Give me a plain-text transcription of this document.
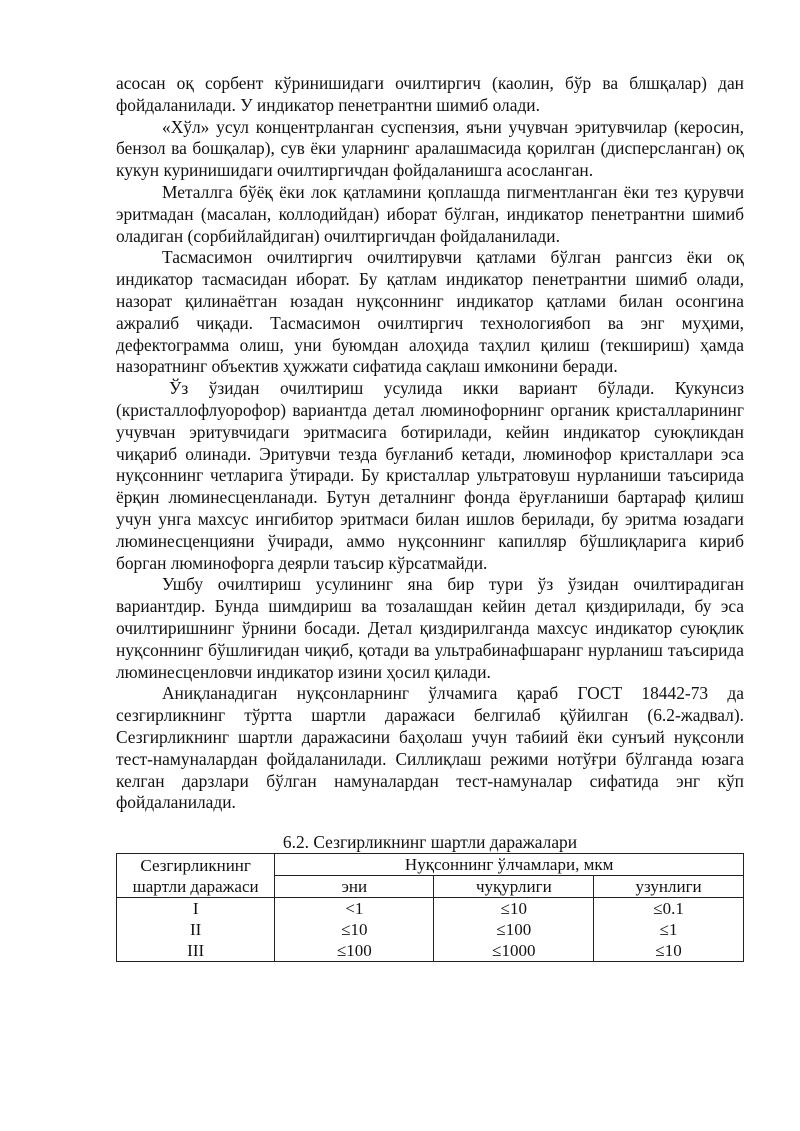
асосан оқ сорбент кўринишидаги очилтиргич (каолин, бўр ва блшқалар) дан фойдаланилади. У индикатор пенетрантни шимиб олади.

«Хўл» усул концентрланган суспензия, яъни учувчан эритувчилар (керосин, бензол ва бошқалар), сув ёки уларнинг аралашмасида қорилган (дисперсланган) оқ кукун куринишидаги очилтиргичдан фойдаланишга асосланган.

Металлга бўёқ ёки лок қатламини қоплашда пигментланган ёки тез қурувчи эритмадан (масалан, коллодийдан) иборат бўлган, индикатор пенетрантни шимиб оладиган (сорбийлайдиган) очилтиргичдан фойдаланилади.

Тасмасимон очилтиргич очилтирувчи қатлами бўлган рангсиз ёки оқ индикатор тасмасидан иборат. Бу қатлам индикатор пенетрантни шимиб олади, назорат қилинаётган юзадан нуқсоннинг индикатор қатлами билан осонгина ажралиб чиқади. Тасмасимон очилтиргич технологиябоп ва энг муҳими, дефектограмма олиш, уни буюмдан алоҳида таҳлил қилиш (текшириш) ҳамда назоратнинг объектив ҳужжати сифатида сақлаш имконини беради.

Ўз ўзидан очилтириш усулида икки вариант бўлади. Кукунсиз (кристаллофлуорофор) вариантда детал люминофорнинг органик кристалларининг учувчан эритувчидаги эритмасига ботирилади, кейин индикатор суюқликдан чиқариб олинади. Эритувчи тезда буғланиб кетади, люминофор кристаллари эса нуқсоннинг четларига ўтиради. Бу кристаллар ультратовуш нурланиши таъсирида ёрқин люминесценланади. Бутун деталнинг фонда ёруғланиши бартараф қилиш учун унга махсус ингибитор эритмаси билан ишлов берилади, бу эритма юзадаги люминесценцияни ўчиради, аммо нуқсоннинг капилляр бўшлиқларига кириб борган люминофорга деярли таъсир кўрсатмайди.

Ушбу очилтириш усулининг яна бир тури ўз ўзидан очилтирадиган вариантдир. Бунда шимдириш ва тозалашдан кейин детал қиздирилади, бу эса очилтиришнинг ўрнини босади. Детал қиздирилганда махсус индикатор суюқлик нуқсоннинг бўшлиғидан чиқиб, қотади ва ультрабинафшаранг нурланиш таъсирида люминесценловчи индикатор изини ҳосил қилади.

Аниқланадиган нуқсонларнинг ўлчамига қараб ГОСТ 18442-73 да сезгирликнинг тўртта шартли даражаси белгилаб қўйилган (6.2-жадвал). Сезгирликнинг шартли даражасини баҳолаш учун табиий ёки сунъий нуқсонли тест-намуналардан фойдаланилади. Силлиқлаш режими нотўғри бўлганда юзага келган дарзлари бўлган намуналардан тест-намуналар сифатида энг кўп фойдаланилади.

6.2. Сезгирликнинг шартли даражалари

Сезгирликнинг шартли даражаси	Нуқсоннинг ўлчамлари, мкм		
	эни	чуқурлиги	узунлиги
I	<1	≤10	≤0.1
II	≤10	≤100	≤1
III	≤100	≤1000	≤10
